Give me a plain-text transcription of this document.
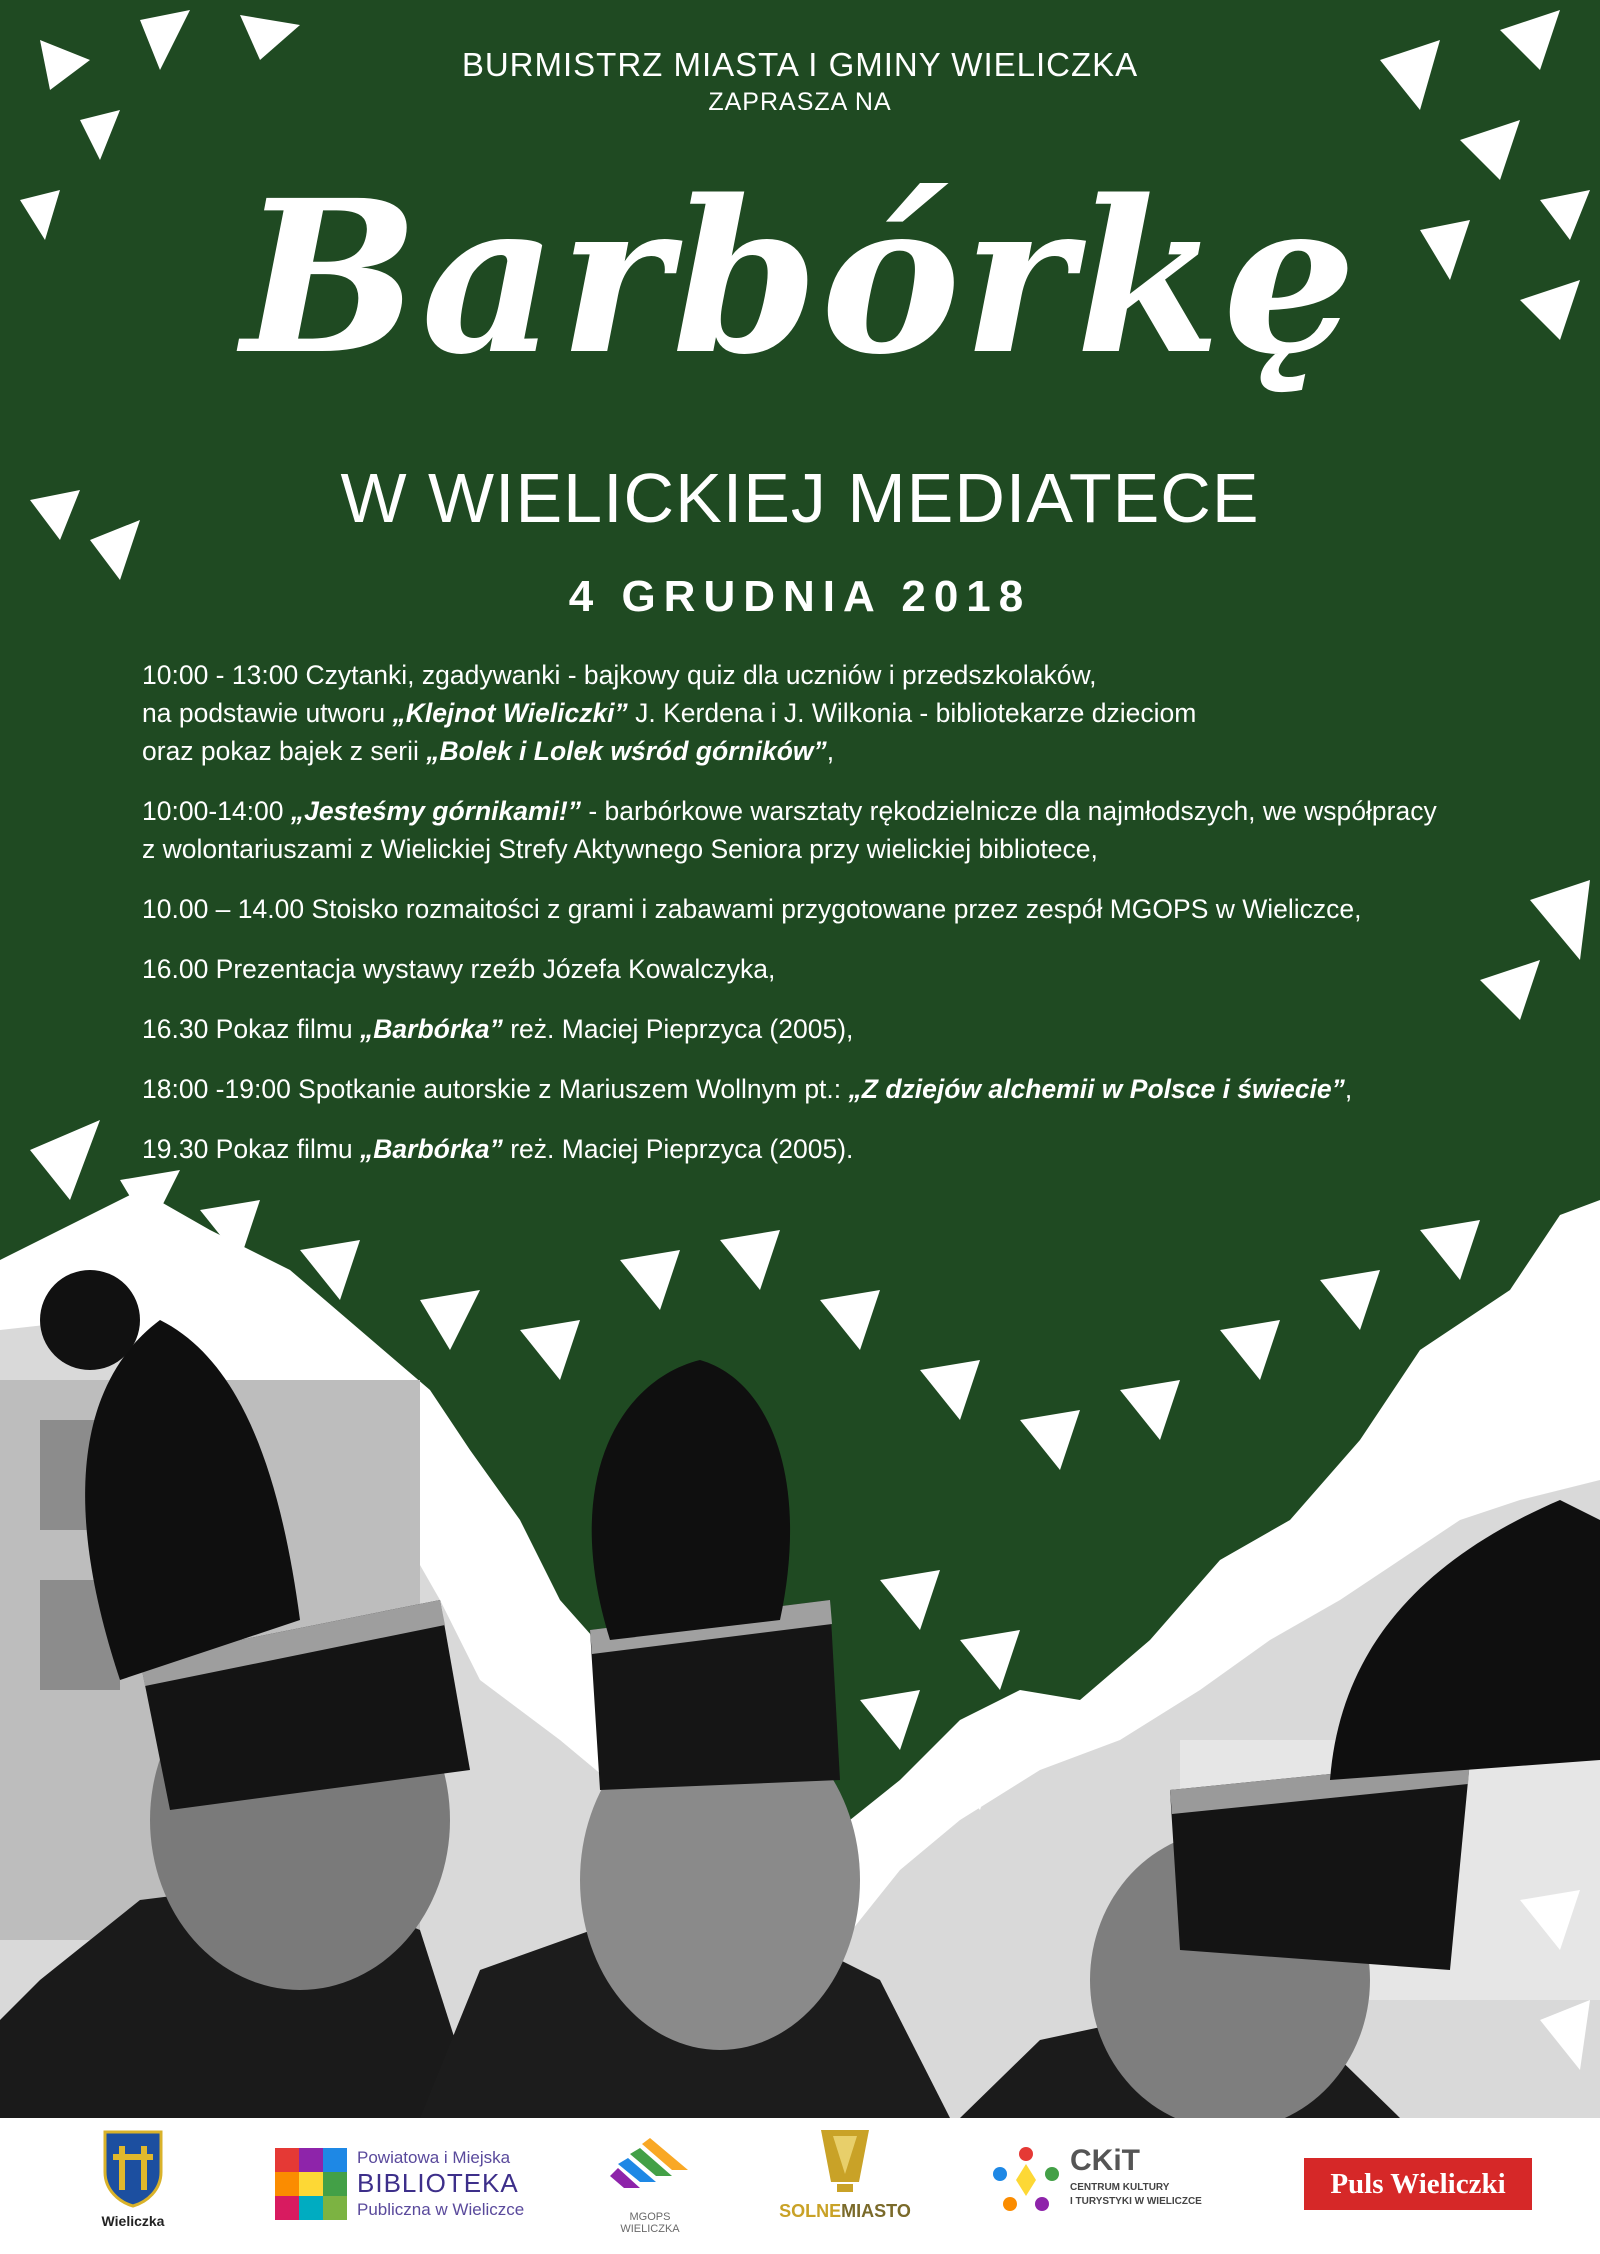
BURMISTRZ MIASTA I GMINY WIELICZKA
ZAPRASZA NA
Barbórkę
W WIELICKIEJ MEDIATECE
4 GRUDNIA 2018
10:00 - 13:00 Czytanki, zgadywanki - bajkowy quiz dla uczniów i przedszkolaków,
na podstawie utworu „Klejnot Wieliczki” J. Kerdena i J. Wilkonia - bibliotekarze dzieciom
oraz pokaz bajek z serii „Bolek i Lolek wśród górników”,
10:00-14:00 „Jesteśmy górnikami!” - barbórkowe warsztaty rękodzielnicze dla najmłodszych, we współpracy
z wolontariuszami z Wielickiej Strefy Aktywnego Seniora przy wielickiej bibliotece,
10.00 – 14.00 Stoisko rozmaitości z grami i zabawami przygotowane przez zespół MGOPS w Wieliczce,
16.00 Prezentacja wystawy rzeźb Józefa Kowalczyka,
16.30 Pokaz filmu „Barbórka” reż. Maciej Pieprzyca (2005),
18:00 -19:00 Spotkanie autorskie z Mariuszem Wollnym pt.: „Z dziejów alchemii w Polsce i świecie”,
19.30 Pokaz filmu „Barbórka” reż. Maciej Pieprzyca (2005).
Wieliczka
Powiatowa i Miejska
BIBLIOTEKA
Publiczna w Wieliczce	MGOPS WIELICZKA
SOLNEMIASTO
CKiT
CENTRUM KULTURY
I TURYSTYKI W WIELICZCE
Puls Wieliczki
